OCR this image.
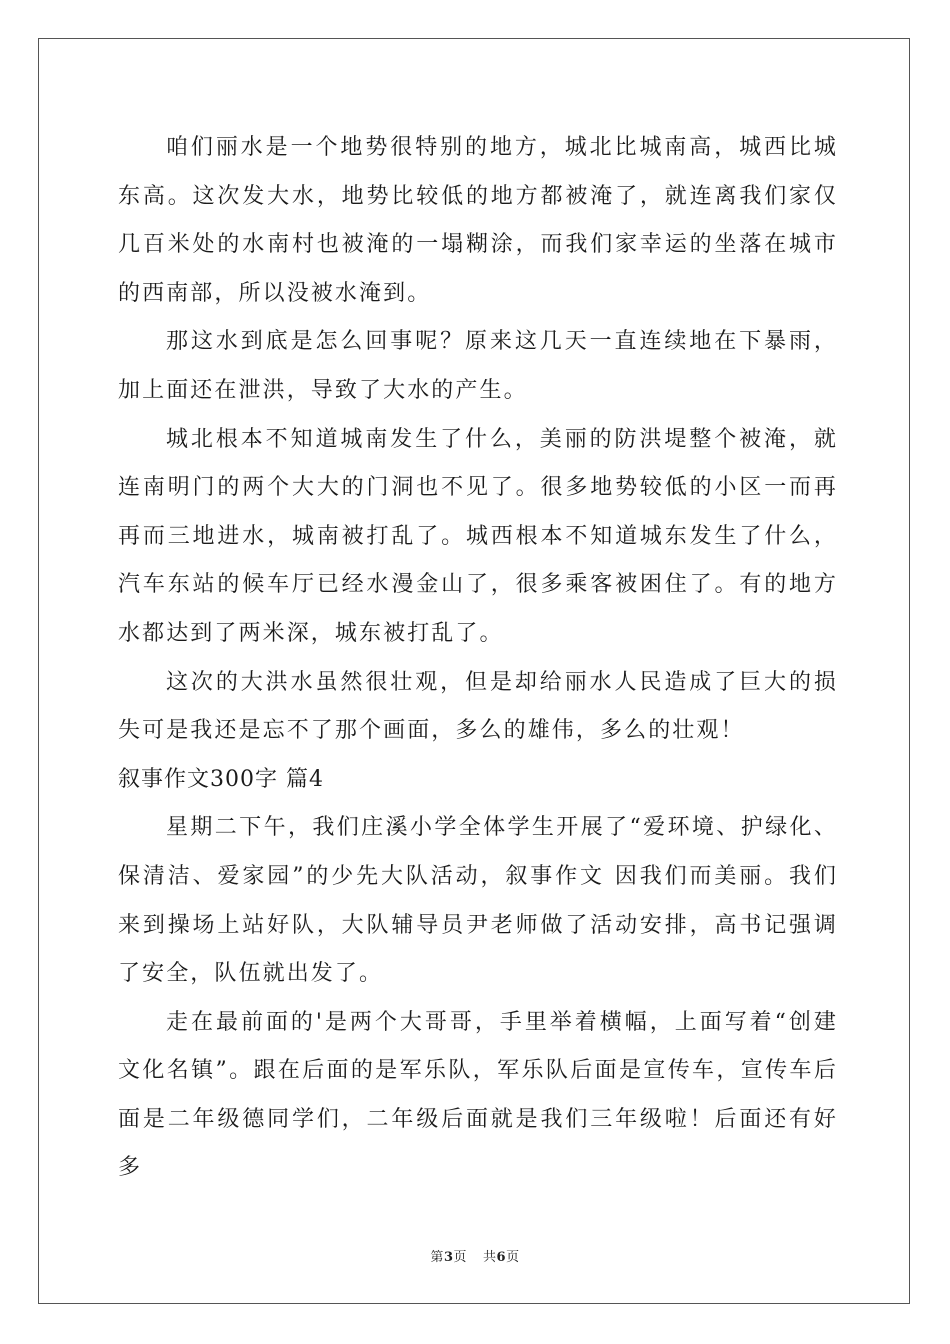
咱们丽水是一个地势很特别的地方，城北比城南高，城西比城东高。这次发大水，地势比较低的地方都被淹了，就连离我们家仅几百米处的水南村也被淹的一塌糊涂，而我们家幸运的坐落在城市的西南部，所以没被水淹到。

那这水到底是怎么回事呢？原来这几天一直连续地在下暴雨，加上面还在泄洪，导致了大水的产生。

城北根本不知道城南发生了什么，美丽的防洪堤整个被淹，就连南明门的两个大大的门洞也不见了。很多地势较低的小区一而再再而三地进水，城南被打乱了。城西根本不知道城东发生了什么，汽车东站的候车厅已经水漫金山了，很多乘客被困住了。有的地方水都达到了两米深，城东被打乱了。

这次的大洪水虽然很壮观，但是却给丽水人民造成了巨大的损失可是我还是忘不了那个画面，多么的雄伟，多么的壮观！

叙事作文300字 篇4

星期二下午，我们庄溪小学全体学生开展了“爱环境、护绿化、保清洁、爱家园”的少先大队活动，叙事作文 因我们而美丽。我们来到操场上站好队，大队辅导员尹老师做了活动安排，高书记强调了安全，队伍就出发了。

走在最前面的'是两个大哥哥，手里举着横幅，上面写着“创建文化名镇”。跟在后面的是军乐队，军乐队后面是宣传车，宣传车后面是二年级德同学们，二年级后面就是我们三年级啦！后面还有好多

第3页 共6页
